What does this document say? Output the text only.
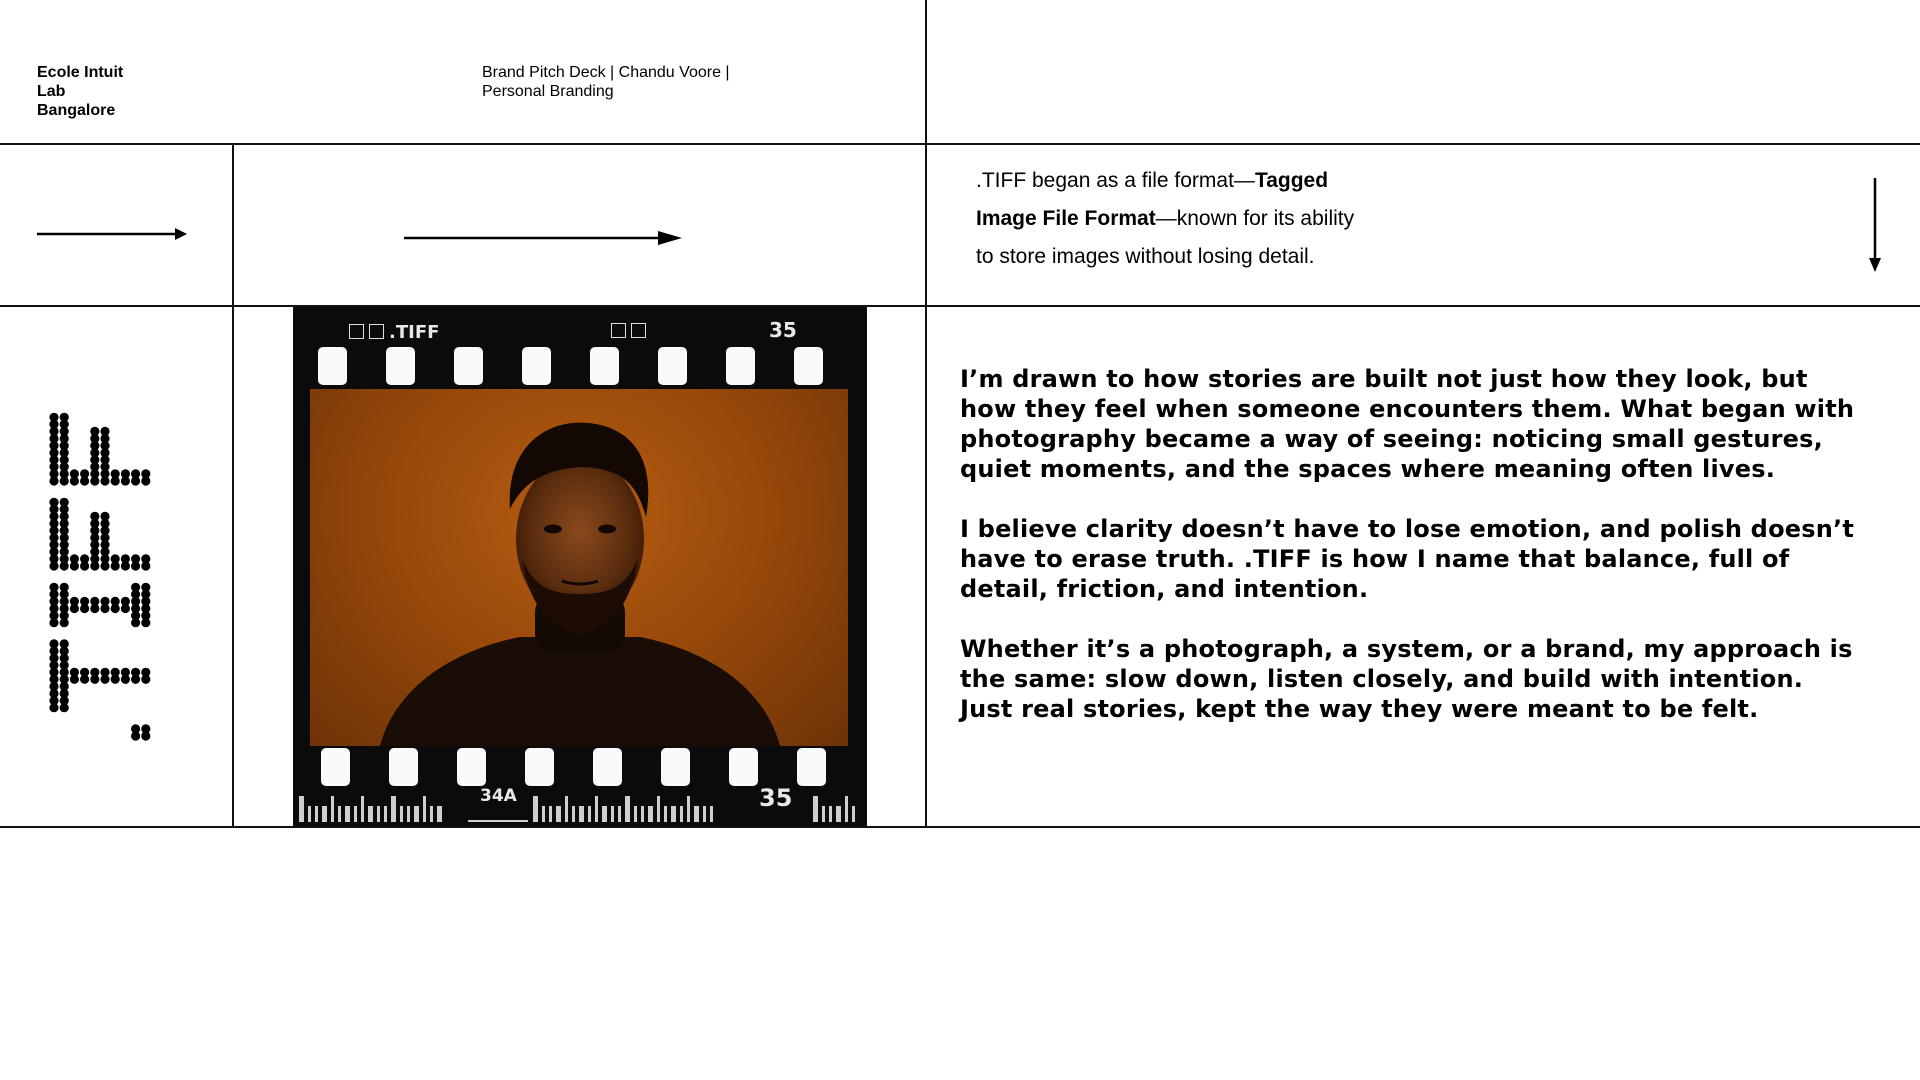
Ecole Intuit
Lab
Bangalore
Brand Pitch Deck | Chandu Voore |
Personal Branding

.TIFF began as a file format—Tagged

Image File Format—known for its ability

to store images without losing detail.

.TIFF	35
34A	35

I’m drawn to how stories are built not just how they look, but how they feel when someone encounters them. What began with photography became a way of seeing: noticing small gestures, quiet moments, and the spaces where meaning often lives.

I believe clarity doesn’t have to lose emotion, and polish doesn’t have to erase truth. .TIFF is how I name that balance, full of detail, friction, and intention.

Whether it’s a photograph, a system, or a brand, my approach is the same: slow down, listen closely, and build with intention. Just real stories, kept the way they were meant to be felt.
